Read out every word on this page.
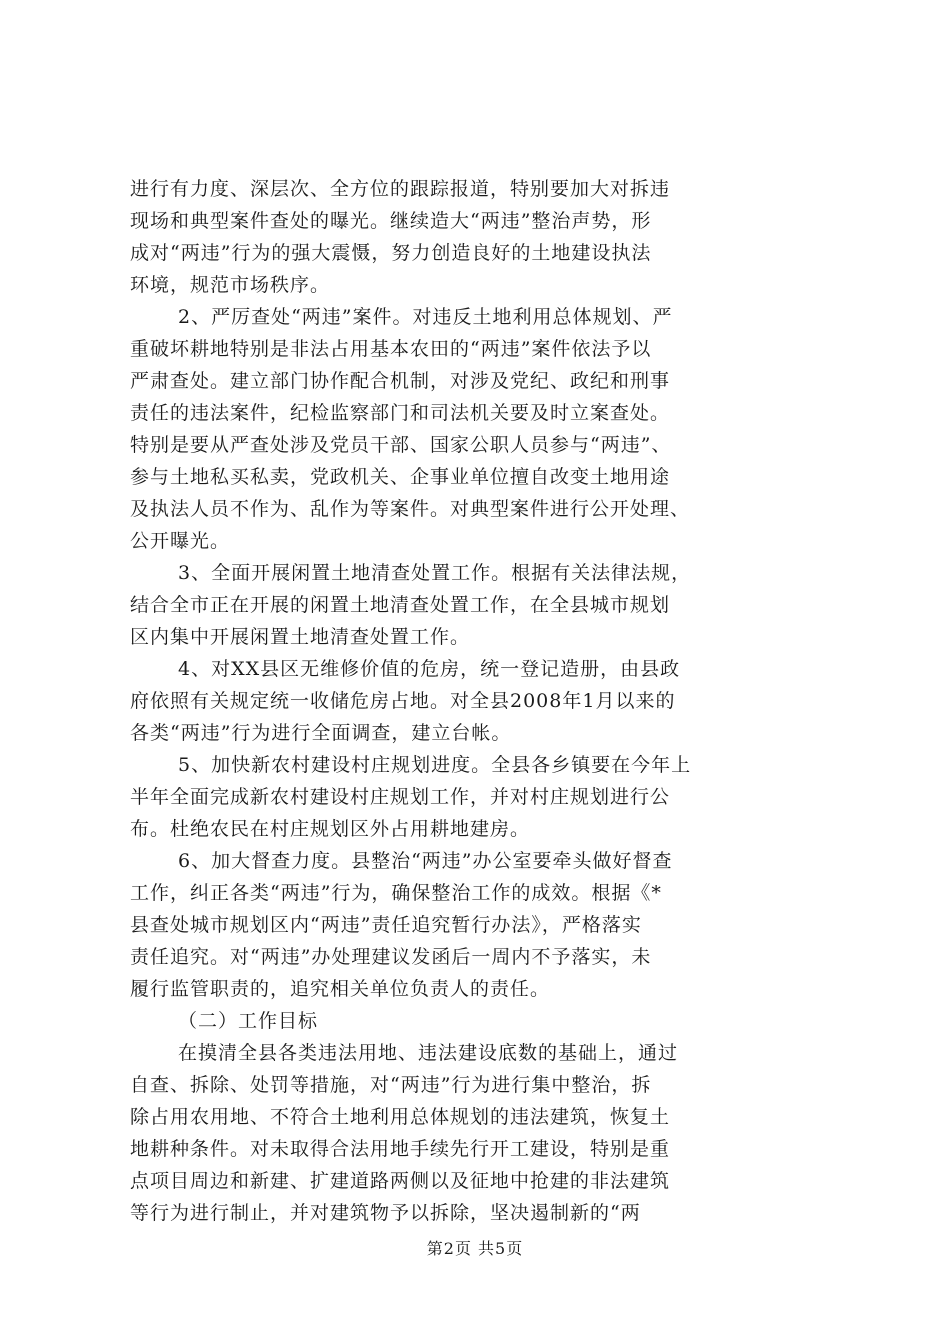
进行有力度、深层次、全方位的跟踪报道，特别要加大对拆违
现场和典型案件查处的曝光。继续造大“两违”整治声势，形
成对“两违”行为的强大震慑，努力创造良好的土地建设执法
环境，规范市场秩序。
2、严厉查处“两违”案件。对违反土地利用总体规划、严
重破坏耕地特别是非法占用基本农田的“两违”案件依法予以
严肃查处。建立部门协作配合机制，对涉及党纪、政纪和刑事
责任的违法案件，纪检监察部门和司法机关要及时立案查处。
特别是要从严查处涉及党员干部、国家公职人员参与“两违”、
参与土地私买私卖，党政机关、企事业单位擅自改变土地用途
及执法人员不作为、乱作为等案件。对典型案件进行公开处理、
公开曝光。
3、全面开展闲置土地清查处置工作。根据有关法律法规，
结合全市正在开展的闲置土地清查处置工作，在全县城市规划
区内集中开展闲置土地清查处置工作。
4、对XX县区无维修价值的危房，统一登记造册，由县政
府依照有关规定统一收储危房占地。对全县2008年1月以来的
各类“两违”行为进行全面调查，建立台帐。
5、加快新农村建设村庄规划进度。全县各乡镇要在今年上
半年全面完成新农村建设村庄规划工作，并对村庄规划进行公
布。杜绝农民在村庄规划区外占用耕地建房。
6、加大督查力度。县整治“两违”办公室要牵头做好督查
工作，纠正各类“两违”行为，确保整治工作的成效。根据《*
县查处城市规划区内“两违”责任追究暂行办法》，严格落实
责任追究。对“两违”办处理建议发函后一周内不予落实，未
履行监管职责的，追究相关单位负责人的责任。
（二）工作目标
在摸清全县各类违法用地、违法建设底数的基础上，通过
自查、拆除、处罚等措施，对“两违”行为进行集中整治，拆
除占用农用地、不符合土地利用总体规划的违法建筑，恢复土
地耕种条件。对未取得合法用地手续先行开工建设，特别是重
点项目周边和新建、扩建道路两侧以及征地中抢建的非法建筑
等行为进行制止，并对建筑物予以拆除，坚决遏制新的“两
第2页 共5页
